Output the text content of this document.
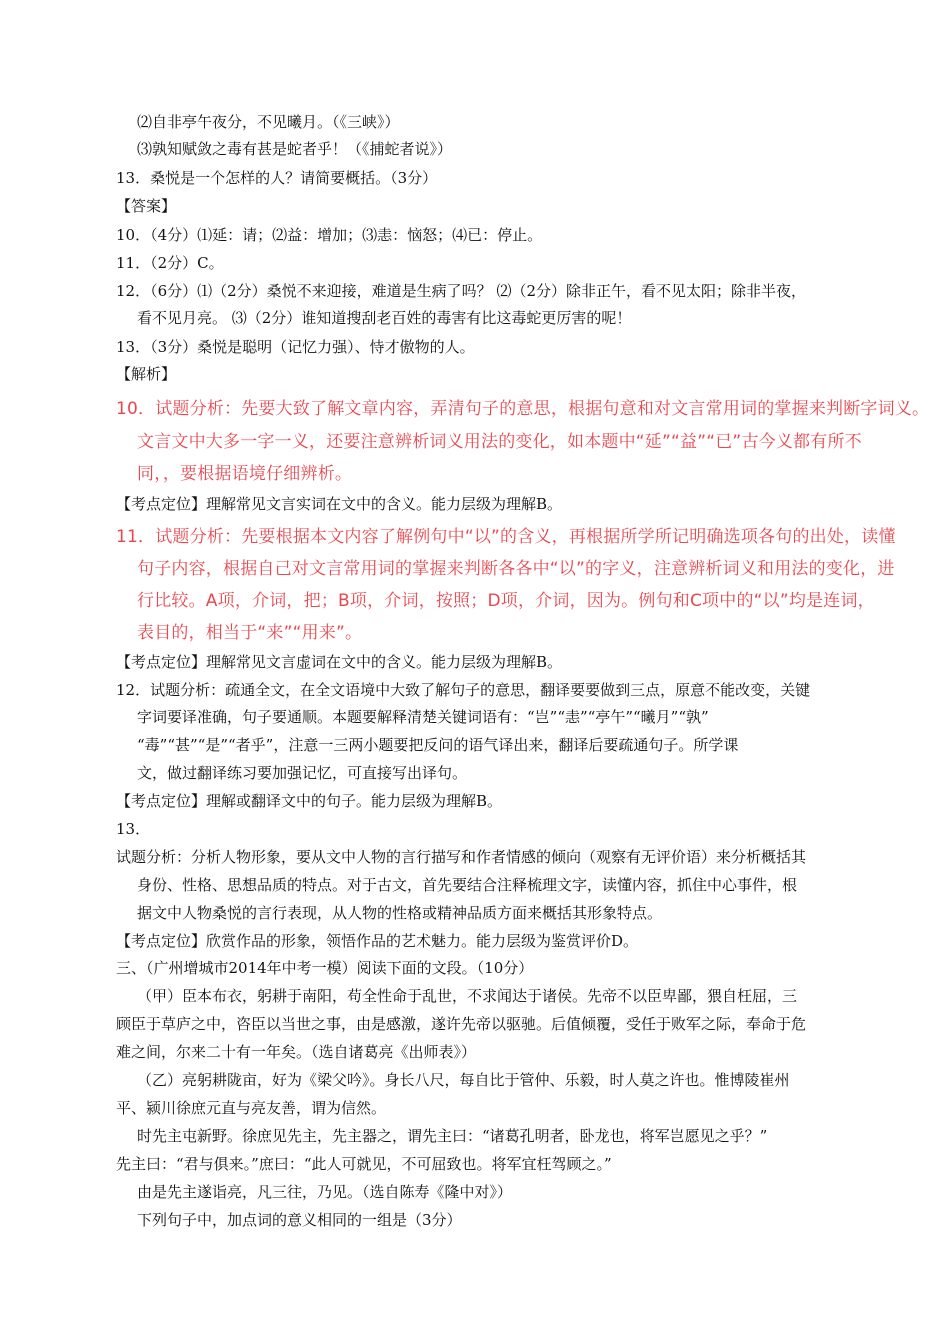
⑵自非亭午夜分，不见曦月。（《三峡》）
⑶孰知赋敛之毒有甚是蛇者乎！（《捕蛇者说》）
13．桑悦是一个怎样的人？请简要概括。（3分）
【答案】
10．（4分）⑴延：请；⑵益：增加；⑶恚：恼怒；⑷已：停止。
11．（2分）C。
12．（6分）⑴（2分）桑悦不来迎接，难道是生病了吗？ ⑵（2分）除非正午，看不见太阳；除非半夜，
看不见月亮。 ⑶（2分）谁知道搜刮老百姓的毒害有比这毒蛇更厉害的呢！
13．（3分）桑悦是聪明（记忆力强）、恃才傲物的人。
【解析】
10．试题分析：先要大致了解文章内容，弄清句子的意思，根据句意和对文言常用词的掌握来判断字词义。
文言文中大多一字一义，还要注意辨析词义用法的变化，如本题中“延”“益”“已”古今义都有所不
同，，要根据语境仔细辨析。
【考点定位】理解常见文言实词在文中的含义。能力层级为理解B。
11．试题分析：先要根据本文内容了解例句中“以”的含义，再根据所学所记明确选项各句的出处，读懂
句子内容，根据自己对文言常用词的掌握来判断各各中“以”的字义，注意辨析词义和用法的变化，进
行比较。A项，介词，把；B项，介词，按照；D项，介词，因为。例句和C项中的“以”均是连词，
表目的，相当于“来”“用来”。
【考点定位】理解常见文言虚词在文中的含义。能力层级为理解B。
12．试题分析：疏通全文，在全文语境中大致了解句子的意思，翻译要要做到三点，原意不能改变，关键
字词要译准确，句子要通顺。本题要解释清楚关键词语有：“岂”“恚”“亭午”“曦月”“孰”
“毒”“甚”“是”“者乎”，注意一三两小题要把反问的语气译出来，翻译后要疏通句子。所学课
文，做过翻译练习要加强记忆，可直接写出译句。
【考点定位】理解或翻译文中的句子。能力层级为理解B。
13．
试题分析：分析人物形象，要从文中人物的言行描写和作者情感的倾向（观察有无评价语）来分析概括其
身份、性格、思想品质的特点。对于古文，首先要结合注释梳理文字，读懂内容，抓住中心事件，根
据文中人物桑悦的言行表现，从人物的性格或精神品质方面来概括其形象特点。
【考点定位】欣赏作品的形象，领悟作品的艺术魅力。能力层级为鉴赏评价D。
三、（广州增城市2014年中考一模）阅读下面的文段。（10分）
（甲）臣本布衣，躬耕于南阳，苟全性命于乱世，不求闻达于诸侯。先帝不以臣卑鄙，猥自枉屈，三
顾臣于草庐之中，咨臣以当世之事，由是感激，遂许先帝以驱驰。后值倾覆，受任于败军之际，奉命于危
难之间，尔来二十有一年矣。（选自诸葛亮《出师表》）
（乙）亮躬耕陇亩，好为《梁父吟》。身长八尺，每自比于管仲、乐毅，时人莫之许也。惟博陵崔州
平、颍川徐庶元直与亮友善，谓为信然。
时先主屯新野。徐庶见先主，先主器之，谓先主曰：“诸葛孔明者，卧龙也，将军岂愿见之乎？”
先主曰：“君与俱来。”庶曰：“此人可就见，不可屈致也。将军宜枉驾顾之。”
由是先主遂诣亮，凡三往，乃见。（选自陈寿《隆中对》）
下列句子中，加点词的意义相同的一组是（3分）
